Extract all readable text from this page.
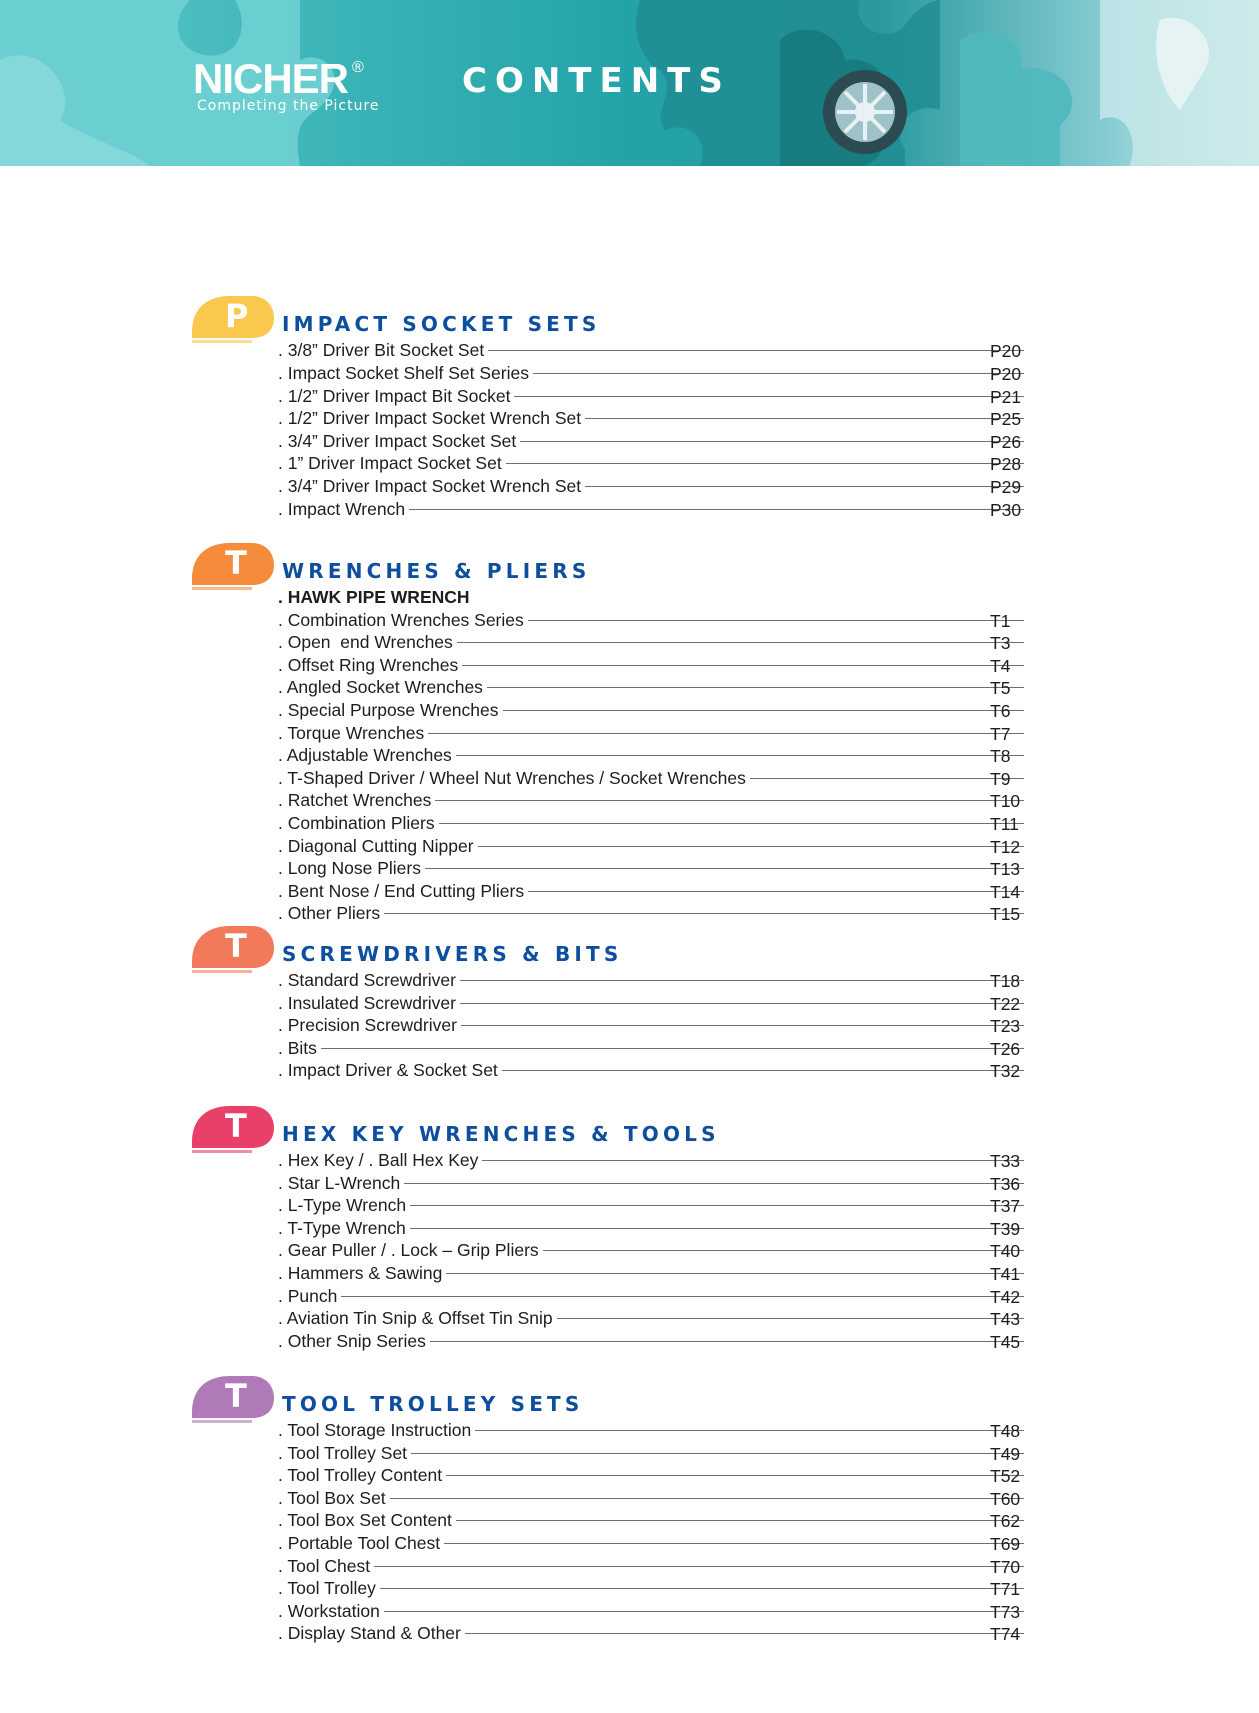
NICHER ®
Completing the Picture
CONTENTS
P IMPACT SOCKET SETS
. 3/8” Driver Bit Socket Set	P20
. Impact Socket Shelf Set Series	P20
. 1/2” Driver Impact Bit Socket	P21
. 1/2” Driver Impact Socket Wrench Set	P25
. 3/4” Driver Impact Socket Set	P26
. 1” Driver Impact Socket Set	P28
. 3/4” Driver Impact Socket Wrench Set	P29
. Impact Wrench	P30
T WRENCHES & PLIERS
. HAWK PIPE WRENCH
. Combination Wrenches Series	T1
. Open  end Wrenches	T3
. Offset Ring Wrenches	T4
. Angled Socket Wrenches	T5
. Special Purpose Wrenches	T6
. Torque Wrenches	T7
. Adjustable Wrenches	T8
. T-Shaped Driver / Wheel Nut Wrenches / Socket Wrenches	T9
. Ratchet Wrenches	T10
. Combination Pliers	T11
. Diagonal Cutting Nipper	T12
. Long Nose Pliers	T13
. Bent Nose / End Cutting Pliers	T14
. Other Pliers	T15
T SCREWDRIVERS & BITS
. Standard Screwdriver	T18
. Insulated Screwdriver	T22
. Precision Screwdriver	T23
. Bits	T26
. Impact Driver & Socket Set	T32
T HEX KEY WRENCHES & TOOLS
. Hex Key / . Ball Hex Key	T33
. Star L-Wrench	T36
. L-Type Wrench	T37
. T-Type Wrench	T39
. Gear Puller / . Lock – Grip Pliers	T40
. Hammers & Sawing	T41
. Punch	T42
. Aviation Tin Snip & Offset Tin Snip	T43
. Other Snip Series	T45
T TOOL TROLLEY SETS
. Tool Storage Instruction	T48
. Tool Trolley Set	T49
. Tool Trolley Content	T52
. Tool Box Set	T60
. Tool Box Set Content	T62
. Portable Tool Chest	T69
. Tool Chest	T70
. Tool Trolley	T71
. Workstation	T73
. Display Stand & Other	T74
